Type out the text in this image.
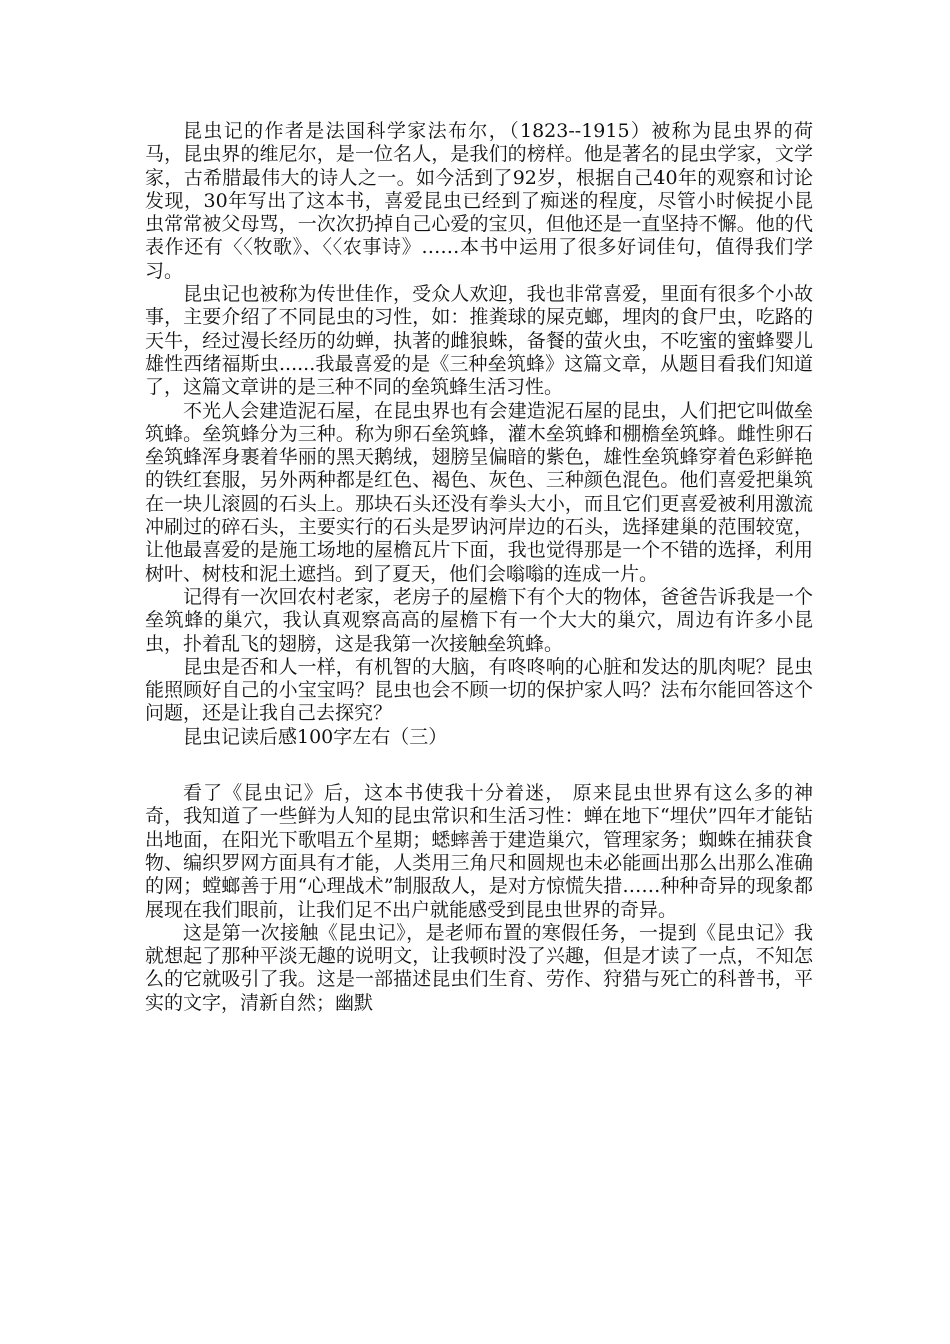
昆虫记的作者是法国科学家法布尔，（1823--1915）被称为昆虫界的荷马，昆虫界的维尼尔，是一位名人，是我们的榜样。他是著名的昆虫学家，文学家，古希腊最伟大的诗人之一。如今活到了92岁，根据自己40年的观察和讨论发现，30年写出了这本书，喜爱昆虫已经到了痴迷的程度，尽管小时候捉小昆虫常常被父母骂，一次次扔掉自己心爱的宝贝，但他还是一直坚持不懈。他的代表作还有〈〈牧歌》、〈〈农事诗》……本书中运用了很多好词佳句，值得我们学习。

昆虫记也被称为传世佳作，受众人欢迎，我也非常喜爱，里面有很多个小故事，主要介绍了不同昆虫的习性，如：推粪球的屎克螂，埋肉的食尸虫，吃路的天牛，经过漫长经历的幼蝉，执著的雌狼蛛，备餐的萤火虫，不吃蜜的蜜蜂婴儿雄性西绪福斯虫......我最喜爱的是《三种垒筑蜂》这篇文章，从题目看我们知道了，这篇文章讲的是三种不同的垒筑蜂生活习性。

不光人会建造泥石屋，在昆虫界也有会建造泥石屋的昆虫，人们把它叫做垒筑蜂。垒筑蜂分为三种。称为卵石垒筑蜂，灌木垒筑蜂和棚檐垒筑蜂。雌性卵石垒筑蜂浑身裹着华丽的黑天鹅绒，翅膀呈偏暗的紫色，雄性垒筑蜂穿着色彩鲜艳的铁红套服，另外两种都是红色、褐色、灰色、三种颜色混色。他们喜爱把巢筑在一块儿滚圆的石头上。那块石头还没有拳头大小，而且它们更喜爱被利用激流冲刷过的碎石头，主要实行的石头是罗讷河岸边的石头，选择建巢的范围较宽，让他最喜爱的是施工场地的屋檐瓦片下面，我也觉得那是一个不错的选择，利用树叶、树枝和泥土遮挡。到了夏天，他们会嗡嗡的连成一片。

记得有一次回农村老家，老房子的屋檐下有个大的物体，爸爸告诉我是一个垒筑蜂的巢穴，我认真观察高高的屋檐下有一个大大的巢穴，周边有许多小昆虫，扑着乱飞的翅膀，这是我第一次接触垒筑蜂。

昆虫是否和人一样，有机智的大脑，有咚咚响的心脏和发达的肌肉呢？昆虫能照顾好自己的小宝宝吗？昆虫也会不顾一切的保护家人吗？法布尔能回答这个问题，还是让我自己去探究？

昆虫记读后感100字左右（三）

看了《昆虫记》后，这本书使我十分着迷， 原来昆虫世界有这么多的神奇，我知道了一些鲜为人知的昆虫常识和生活习性：蝉在地下“埋伏”四年才能钻出地面，在阳光下歌唱五个星期；蟋蟀善于建造巢穴，管理家务；蜘蛛在捕获食物、编织罗网方面具有才能，人类用三角尺和圆规也未必能画出那么出那么准确的网；螳螂善于用“心理战术”制服敌人，是对方惊慌失措……种种奇异的现象都展现在我们眼前，让我们足不出户就能感受到昆虫世界的奇异。

这是第一次接触《昆虫记》，是老师布置的寒假任务，一提到《昆虫记》我就想起了那种平淡无趣的说明文，让我顿时没了兴趣，但是才读了一点，不知怎么的它就吸引了我。这是一部描述昆虫们生育、劳作、狩猎与死亡的科普书，平实的文字，清新自然；幽默
